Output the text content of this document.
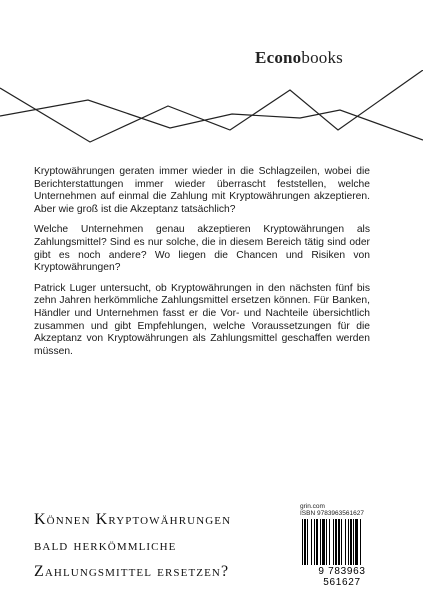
Econobooks

Kryptowährungen geraten immer wieder in die Schlagzeilen, wobei die Berichterstattungen immer wieder überrascht feststellen, welche Unternehmen auf einmal die Zahlung mit Kryptowährungen akzeptieren. Aber wie groß ist die Akzeptanz tatsächlich?

Welche Unternehmen genau akzeptieren Kryptowährungen als Zahlungsmittel? Sind es nur solche, die in diesem Bereich tätig sind oder gibt es noch andere? Wo liegen die Chancen und Risiken von Kryptowährungen?

Patrick Luger untersucht, ob Kryptowährungen in den nächsten fünf bis zehn Jahren herkömmliche Zahlungsmittel ersetzen können. Für Banken, Händler und Unternehmen fasst er die Vor- und Nachteile übersichtlich zusammen und gibt Empfehlungen, welche Voraussetzungen für die Akzeptanz von Kryptowährungen als Zahlungsmittel geschaffen werden müssen.

Können Kryptowährungen
bald herkömmliche
Zahlungsmittel ersetzen?
grin.com
ISBN 9783963561627
9 783963 561627
